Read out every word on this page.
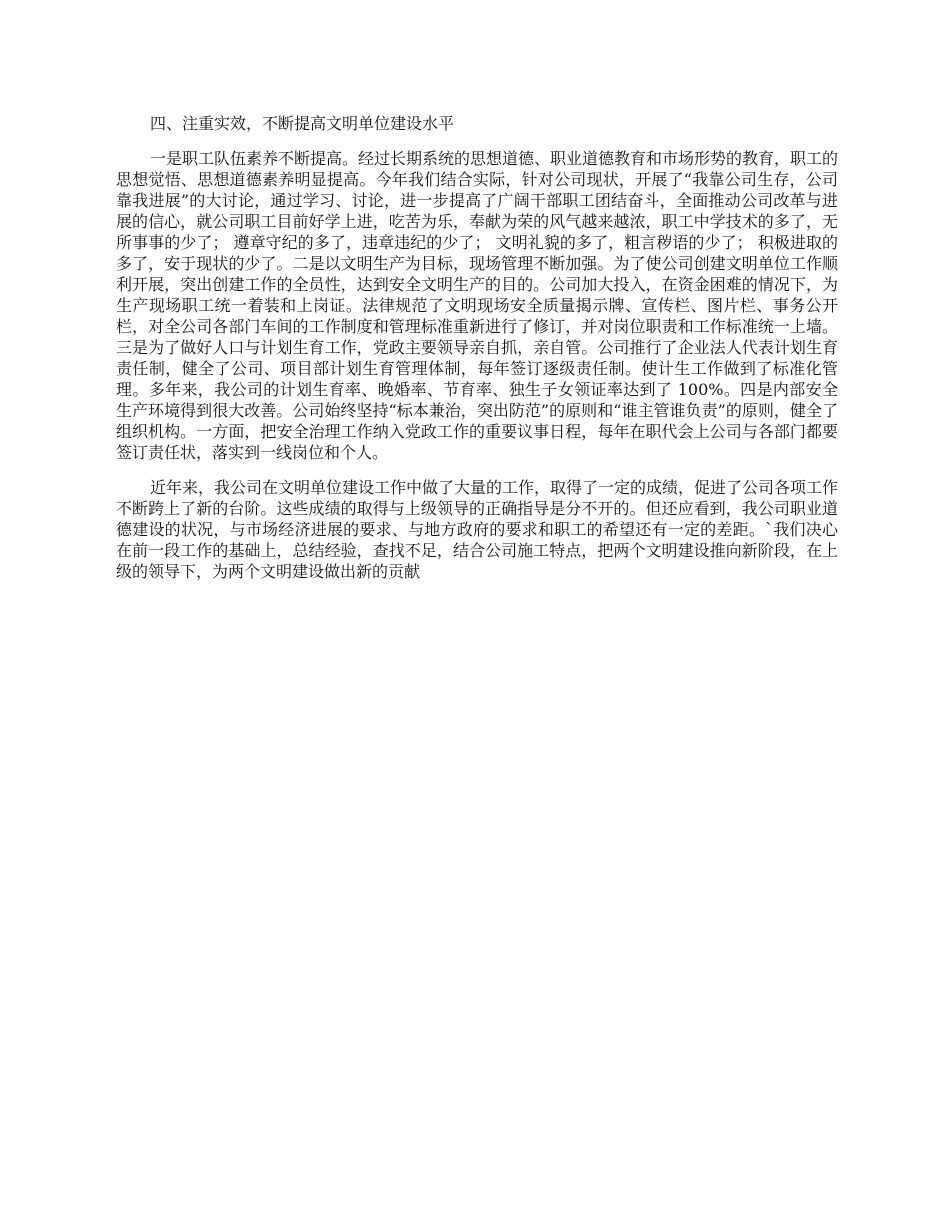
四、注重实效，不断提高文明单位建设水平

一是职工队伍素养不断提高。经过长期系统的思想道德、职业道德教育和市场形势的教育，职工的思想觉悟、思想道德素养明显提高。今年我们结合实际，针对公司现状，开展了“我靠公司生存，公司靠我进展”的大讨论，通过学习、讨论，进一步提高了广阔干部职工团结奋斗，全面推动公司改革与进展的信心，就公司职工目前好学上进，吃苦为乐，奉献为荣的风气越来越浓，职工中学技术的多了，无所事事的少了； 遵章守纪的多了，违章违纪的少了； 文明礼貌的多了，粗言秽语的少了； 积极进取的多了，安于现状的少了。二是以文明生产为目标，现场管理不断加强。为了使公司创建文明单位工作顺利开展，突出创建工作的全员性，达到安全文明生产的目的。公司加大投入，在资金困难的情况下，为生产现场职工统一着装和上岗证。法律规范了文明现场安全质量揭示牌、宣传栏、图片栏、事务公开栏，对全公司各部门车间的工作制度和管理标准重新进行了修订，并对岗位职责和工作标准统一上墙。三是为了做好人口与计划生育工作，党政主要领导亲自抓，亲自管。公司推行了企业法人代表计划生育责任制，健全了公司、项目部计划生育管理体制，每年签订逐级责任制。使计生工作做到了标准化管理。多年来，我公司的计划生育率、晚婚率、节育率、独生子女领证率达到了 100%。四是内部安全生产环境得到很大改善。公司始终坚持“标本兼治，突出防范”的原则和“谁主管谁负责”的原则，健全了组织机构。一方面，把安全治理工作纳入党政工作的重要议事日程，每年在职代会上公司与各部门都要签订责任状，落实到一线岗位和个人。

近年来，我公司在文明单位建设工作中做了大量的工作，取得了一定的成绩，促进了公司各项工作不断跨上了新的台阶。这些成绩的取得与上级领导的正确指导是分不开的。但还应看到，我公司职业道德建设的状况，与市场经济进展的要求、与地方政府的要求和职工的希望还有一定的差距。`我们决心在前一段工作的基础上，总结经验，查找不足，结合公司施工特点，把两个文明建设推向新阶段，在上级的领导下，为两个文明建设做出新的贡献
